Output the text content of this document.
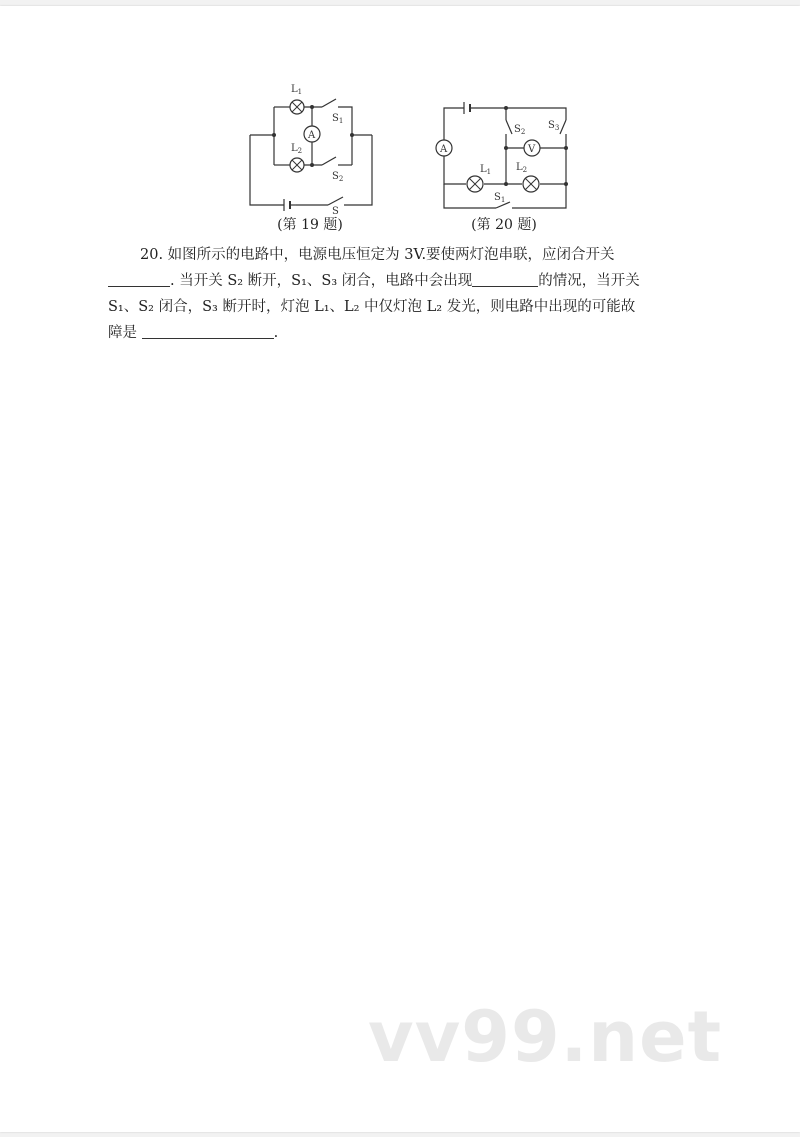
A
$L_1$
$L_2$
$S_1$
$S_2$
S
(第 19 题)
A	V
$L_1$ $L_2$
$S_2$
$S_3$
$S_1$
(第 20 题)
20. 如图所示的电路中，电源电压恒定为 3V.要使两灯泡串联，应闭合开关
. 当开关 S₂ 断开，S₁、S₃ 闭合，电路中会出现	的情况，当开关
S₁、S₂ 闭合，S₃ 断开时，灯泡 L₁、L₂ 中仅灯泡 L₂ 发光，则电路中出现的可能故
障是	.
vv99.net
